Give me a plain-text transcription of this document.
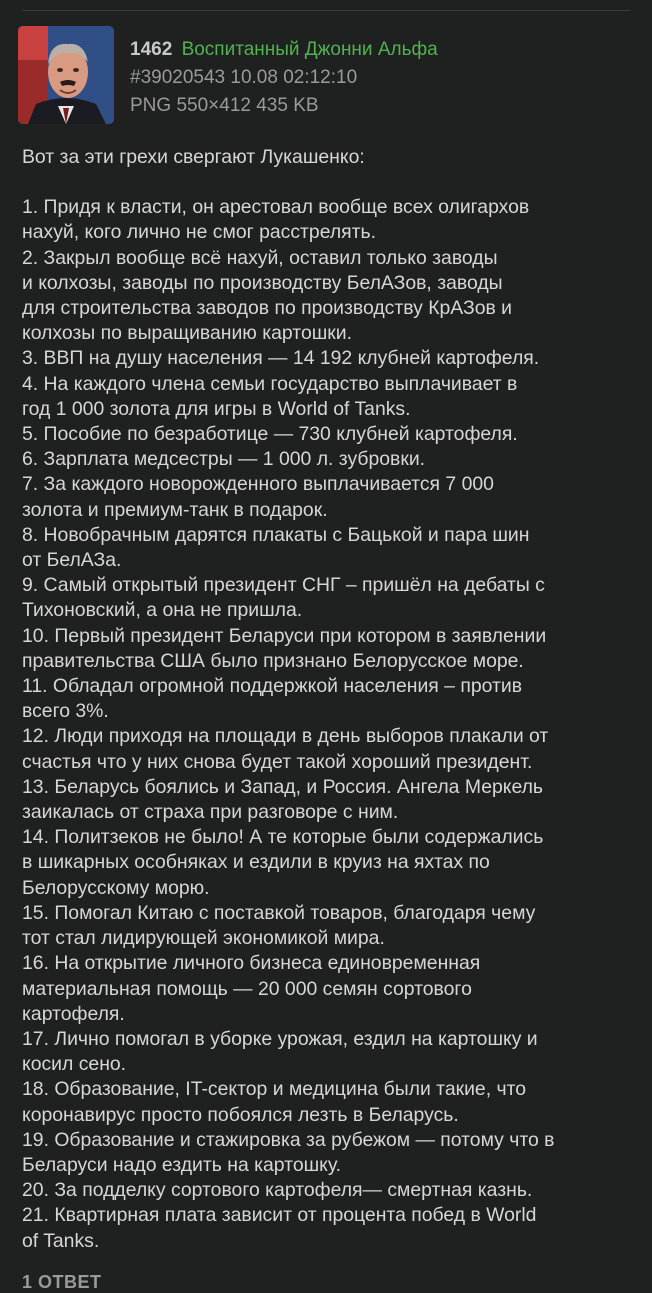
1462 Воспитанный Джонни Альфа
#39020543 10.08 02:12:10
PNG 550×412 435 KB

Вот за эти грехи свергают Лукашенко:

1. Придя к власти, он арестовал вообще всех олигархов
нахуй, кого лично не смог расстрелять.

2. Закрыл вообще всё нахуй, оставил только заводы
и колхозы, заводы по производству БелАЗов, заводы
для строительства заводов по производству КрАЗов и
колхозы по выращиванию картошки.

3. ВВП на душу населения — 14 192 клубней картофеля.

4. На каждого члена семьи государство выплачивает в
год 1 000 золота для игры в World of Tanks.

5. Пособие по безработице — 730 клубней картофеля.

6. Зарплата медсестры — 1 000 л. зубровки.

7. За каждого новорожденного выплачивается 7 000
золота и премиум-танк в подарок.

8. Новобрачным дарятся плакаты с Бацькой и пара шин
от БелАЗа.

9. Самый открытый президент СНГ – пришёл на дебаты с
Тихоновский, а она не пришла.

10. Первый президент Беларуси при котором в заявлении
правительства США было признано Белорусское море.

11. Обладал огромной поддержкой населения – против
всего 3%.

12. Люди приходя на площади в день выборов плакали от
счастья что у них снова будет такой хороший президент.

13. Беларусь боялись и Запад, и Россия. Ангела Меркель
заикалась от страха при разговоре с ним.

14. Политзеков не было! А те которые были содержались
в шикарных особняках и ездили в круиз на яхтах по
Белорусскому морю.

15. Помогал Китаю с поставкой товаров, благодаря чему
тот стал лидирующей экономикой мира.

16. На открытие личного бизнеса единовременная
материальная помощь — 20 000 семян сортового
картофеля.

17. Лично помогал в уборке урожая, ездил на картошку и
косил сено.

18. Образование, IT-сектор и медицина были такие, что
коронавирус просто побоялся лезть в Беларусь.

19. Образование и стажировка за рубежом — потому что в
Беларуси надо ездить на картошку.

20. За подделку сортового картофеля— смертная казнь.

21. Квартирная плата зависит от процента побед в World
of Tanks.

1 ОТВЕТ
